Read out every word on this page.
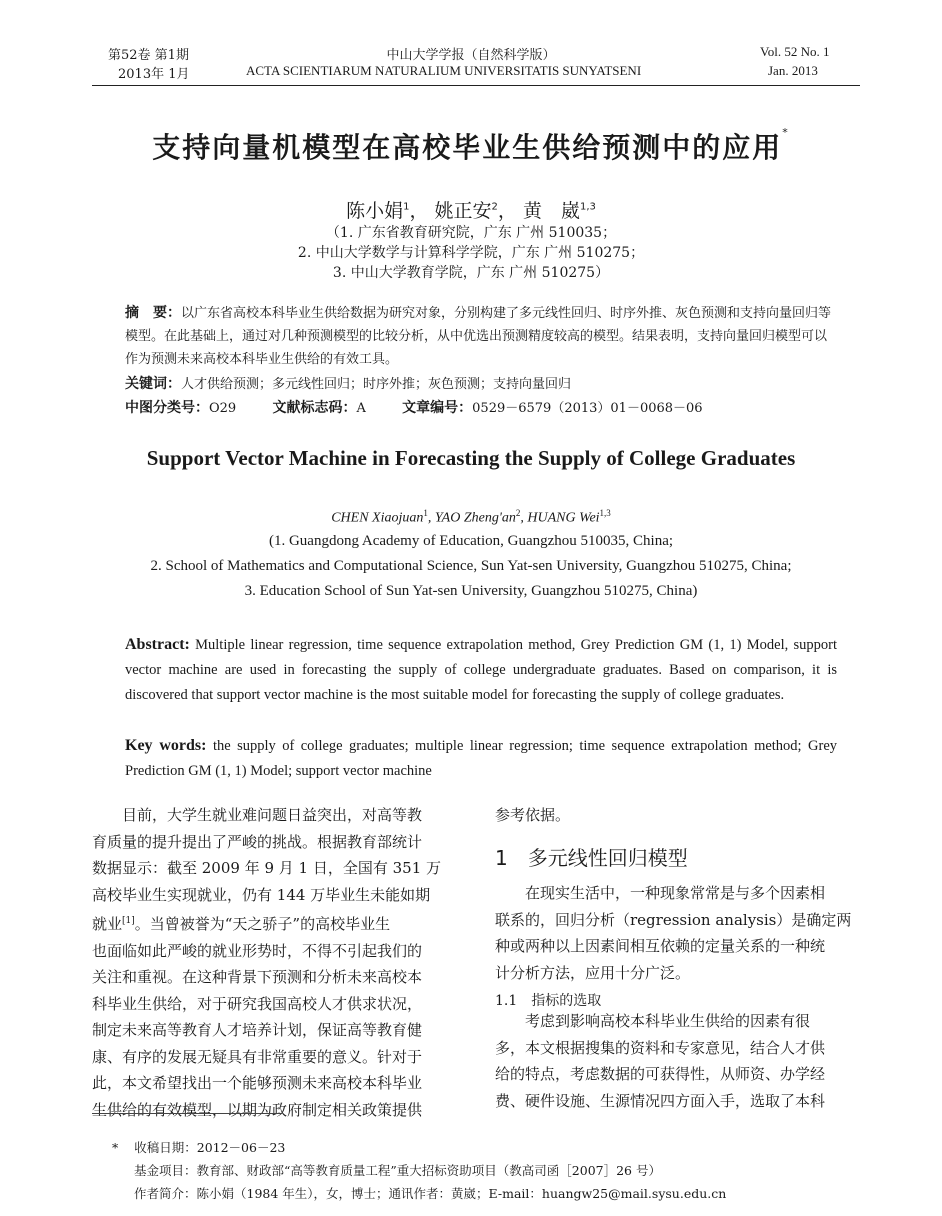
第52卷 第1期
2013年 1月
中山大学学报（自然科学版）
ACTA SCIENTIARUM NATURALIUM UNIVERSITATIS SUNYATSENI
Vol. 52 No. 1
Jan. 2013
支持向量机模型在高校毕业生供给预测中的应用*
陈小娟$^1$， 姚正安$^2$， 黄　崴$^{1,3}$
（1. 广东省教育研究院，广东 广州 510035；
2. 中山大学数学与计算科学学院，广东 广州 510275；
3. 中山大学教育学院，广东 广州 510275）
摘　要：以广东省高校本科毕业生供给数据为研究对象，分别构建了多元线性回归、时序外推、灰色预测和支持向量回归等模型。在此基础上，通过对几种预测模型的比较分析，从中优选出预测精度较高的模型。结果表明，支持向量回归模型可以作为预测未来高校本科毕业生供给的有效工具。
关键词：人才供给预测；多元线性回归；时序外推；灰色预测；支持向量回归
中图分类号：O29	文献标志码：A	文章编号：0529－6579（2013）01－0068－06
Support Vector Machine in Forecasting the Supply of College Graduates
CHEN Xiaojuan$^1$, YAO $Zheng'an^2$, HUANG Wei$^{1,3}$
(1. Guangdong Academy of Education, Guangzhou 510035, China;
2. School of Mathematics and Computational Science, Sun Yat-sen University, Guangzhou 510275, China;
3. Education School of Sun Yat-sen University, Guangzhou 510275, China)
Abstract: Multiple linear regression, time sequence extrapolation method, Grey Prediction GM (1, 1) Model, support vector machine are used in forecasting the supply of college undergraduate graduates. Based on comparison, it is discovered that support vector machine is the most suitable model for forecasting the supply of college graduates.
Key words: the supply of college graduates; multiple linear regression; time sequence extrapolation method; Grey Prediction GM (1, 1) Model; support vector machine

目前，大学生就业难问题日益突出，对高等教

育质量的提升提出了严峻的挑战。根据教育部统计

数据显示：截至 2009 年 9 月 1 日，全国有 351 万

高校毕业生实现就业，仍有 144 万毕业生未能如期

就业[1]。当曾被誉为“天之骄子”的高校毕业生

也面临如此严峻的就业形势时，不得不引起我们的

关注和重视。在这种背景下预测和分析未来高校本

科毕业生供给，对于研究我国高校人才供求状况，

制定未来高等教育人才培养计划，保证高等教育健

康、有序的发展无疑具有非常重要的意义。针对于

此，本文希望找出一个能够预测未来高校本科毕业

生供给的有效模型，以期为政府制定相关政策提供

参考依据。

1 多元线性回归模型

在现实生活中，一种现象常常是与多个因素相

联系的，回归分析（regression analysis）是确定两

种或两种以上因素间相互依赖的定量关系的一种统

计分析方法，应用十分广泛。

1.1　指标的选取

考虑到影响高校本科毕业生供给的因素有很

多，本文根据搜集的资料和专家意见，结合人才供

给的特点，考虑数据的可获得性，从师资、办学经

费、硬件设施、生源情况四方面入手，选取了本科

* 收稿日期：2012－06－23
基金项目：教育部、财政部“高等教育质量工程”重大招标资助项目（教高司函［2007］26 号）
作者简介：陈小娟（1984 年生），女，博士；通讯作者：黄崴；E-mail：huangw25@mail.sysu.edu.cn
